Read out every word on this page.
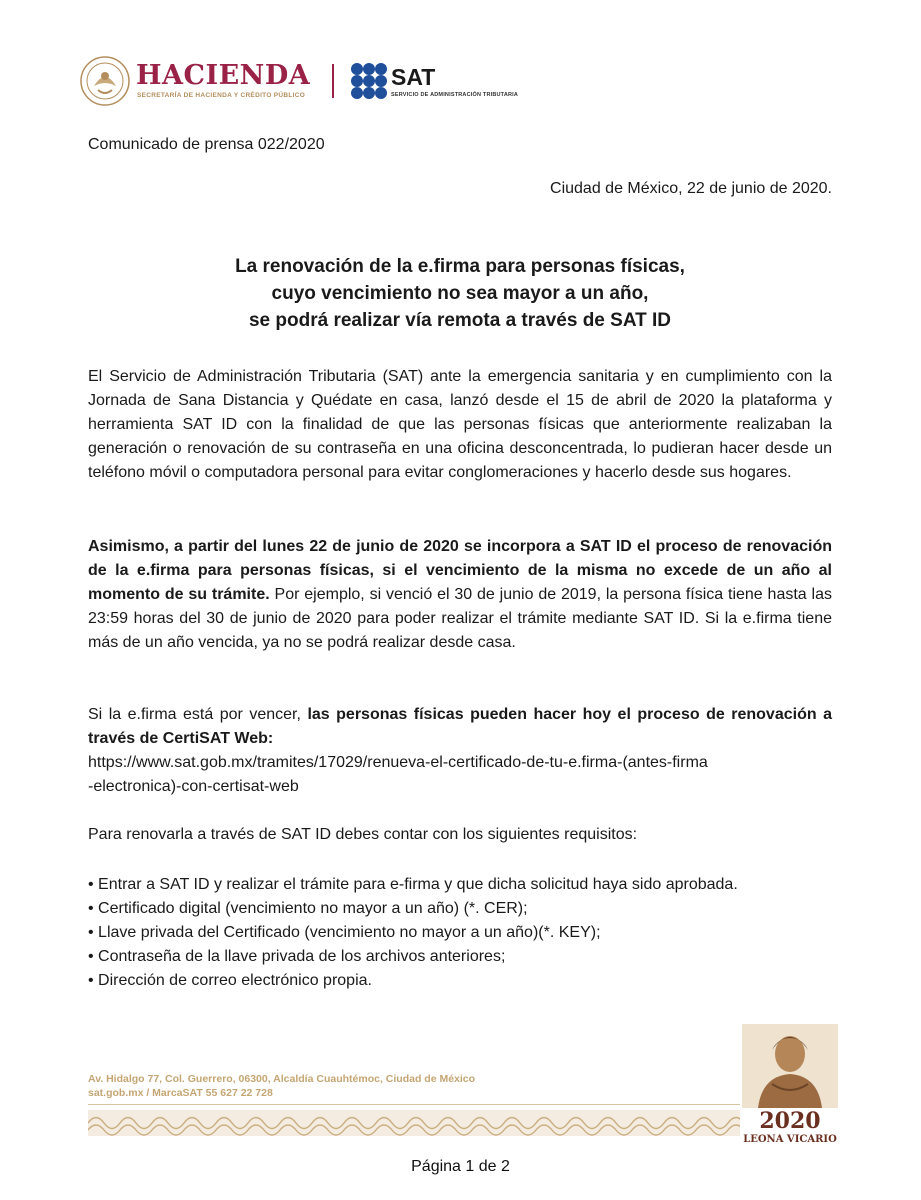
HACIENDA
SECRETARÍA DE HACIENDA Y CRÉDITO PÚBLICO
SAT
SERVICIO DE ADMINISTRACIÓN TRIBUTARIA
Comunicado de prensa 022/2020
Ciudad de México, 22 de junio de 2020.
La renovación de la e.firma para personas físicas,
cuyo vencimiento no sea mayor a un año,
se podrá realizar vía remota a través de SAT ID
El Servicio de Administración Tributaria (SAT) ante la emergencia sanitaria y en cumplimiento con la Jornada de Sana Distancia y Quédate en casa, lanzó desde el 15 de abril de 2020 la plataforma y herramienta SAT ID con la finalidad de que las personas físicas que anteriormente realizaban la generación o renovación de su contraseña en una oficina desconcentrada, lo pudieran hacer desde un teléfono móvil o computadora personal para evitar conglomeraciones y hacerlo desde sus hogares.
Asimismo, a partir del lunes 22 de junio de 2020 se incorpora a SAT ID el proceso de renovación de la e.firma para personas físicas, si el vencimiento de la misma no excede de un año al momento de su trámite. Por ejemplo, si venció el 30 de junio de 2019, la persona física tiene hasta las 23:59 horas del 30 de junio de 2020 para poder realizar el trámite mediante SAT ID. Si la e.firma tiene más de un año vencida, ya no se podrá realizar desde casa.
Si la e.firma está por vencer, las personas físicas pueden hacer hoy el proceso de renovación a través de CertiSAT Web:
https://www.sat.gob.mx/tramites/17029/renueva-el-certificado-de-tu-e.firma-(antes-firma
-electronica)-con-certisat-web
Para renovarla a través de SAT ID debes contar con los siguientes requisitos:
• Entrar a SAT ID y realizar el trámite para e-firma y que dicha solicitud haya sido aprobada.
• Certificado digital (vencimiento no mayor a un año) (*. CER);
• Llave privada del Certificado (vencimiento no mayor a un año)(*. KEY);
• Contraseña de la llave privada de los archivos anteriores;
• Dirección de correo electrónico propia.
Av. Hidalgo 77, Col. Guerrero, 06300, Alcaldía Cuauhtémoc, Ciudad de México
sat.gob.mx / MarcaSAT 55 627 22 728
2020
LEONA VICARIO
Página 1 de 2
